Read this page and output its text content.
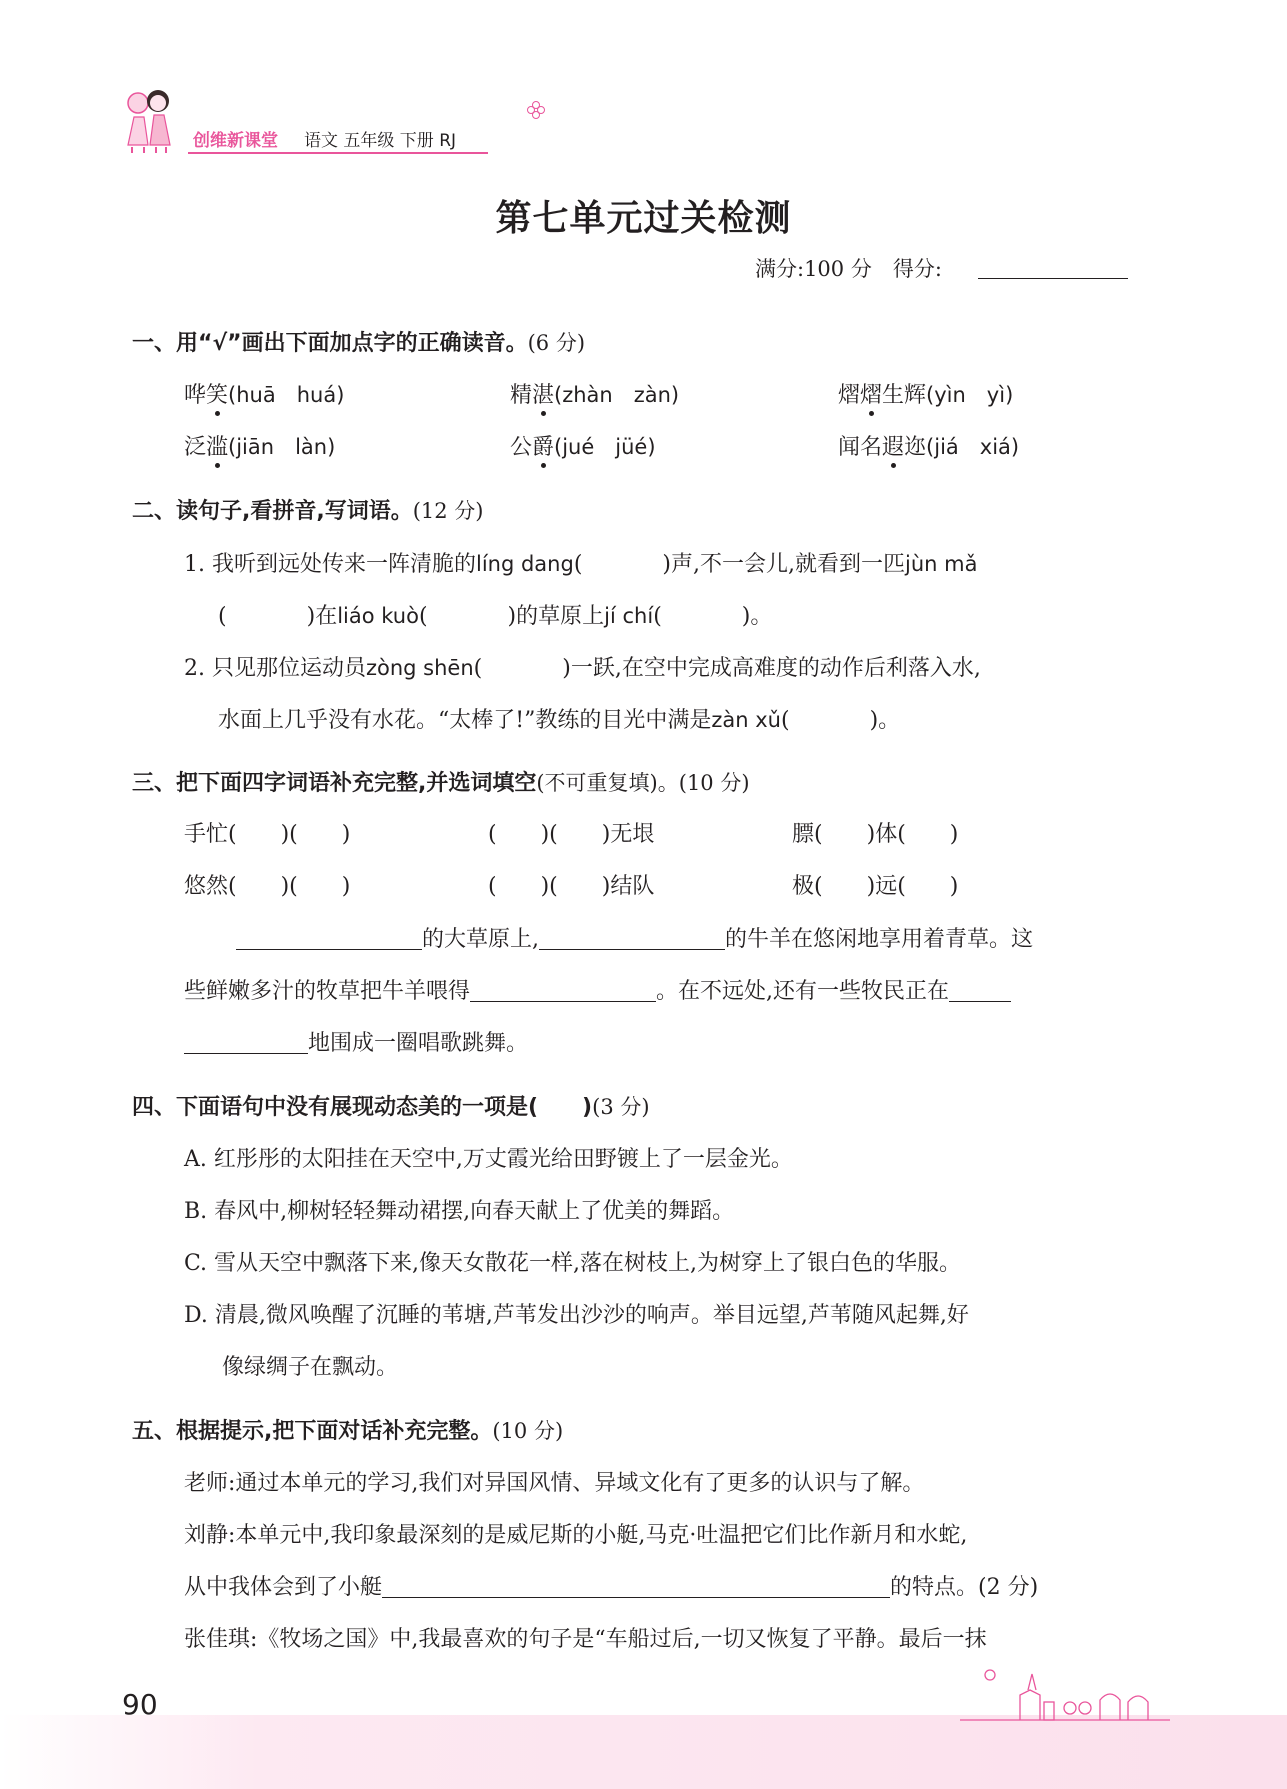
创维新课堂 语文 五年级 下册 RJ
第七单元过关检测
满分:100 分　 得分:
一、用“√”画出下面加点字的正确读音。(6 分)
哗笑(huā　huá)	精湛(zhàn　zàn)	熠熠生辉(yìn　yì)
泛滥(jiān　làn)	公爵(jué　jüé)	闻名遐迩(jiá　xiá)
二、读句子,看拼音,写词语。(12 分)
1. 我听到远处传来一阵清脆的líng dang(	)声,不一会儿,就看到一匹jùn mǎ
(	)在liáo kuò(	)的草原上jí chí(	)。
2. 只见那位运动员zòng shēn(	)一跃,在空中完成高难度的动作后利落入水,
水面上几乎没有水花。“太棒了!”教练的目光中满是zàn xǔ(	)。
三、把下面四字词语补充完整,并选词填空(不可重复填)。(10 分)
手忙(　　)(　　)	(　　)(　　)无垠	膘(　　)体(　　)
悠然(　　)(　　)	(　　)(　　)结队	极(　　)远(　　)
的大草原上,	的牛羊在悠闲地享用着青草。这
些鲜嫩多汁的牧草把牛羊喂得	。在不远处,还有一些牧民正在
地围成一圈唱歌跳舞。
四、下面语句中没有展现动态美的一项是(　　)(3 分)
A. 红彤彤的太阳挂在天空中,万丈霞光给田野镀上了一层金光。
B. 春风中,柳树轻轻舞动裙摆,向春天献上了优美的舞蹈。
C. 雪从天空中飘落下来,像天女散花一样,落在树枝上,为树穿上了银白色的华服。
D. 清晨,微风唤醒了沉睡的苇塘,芦苇发出沙沙的响声。举目远望,芦苇随风起舞,好
像绿绸子在飘动。
五、根据提示,把下面对话补充完整。(10 分)
老师:通过本单元的学习,我们对异国风情、异域文化有了更多的认识与了解。
刘静:本单元中,我印象最深刻的是威尼斯的小艇,马克·吐温把它们比作新月和水蛇,
从中我体会到了小艇	的特点。(2 分)
张佳琪:《牧场之国》中,我最喜欢的句子是“车船过后,一切又恢复了平静。最后一抹
90
